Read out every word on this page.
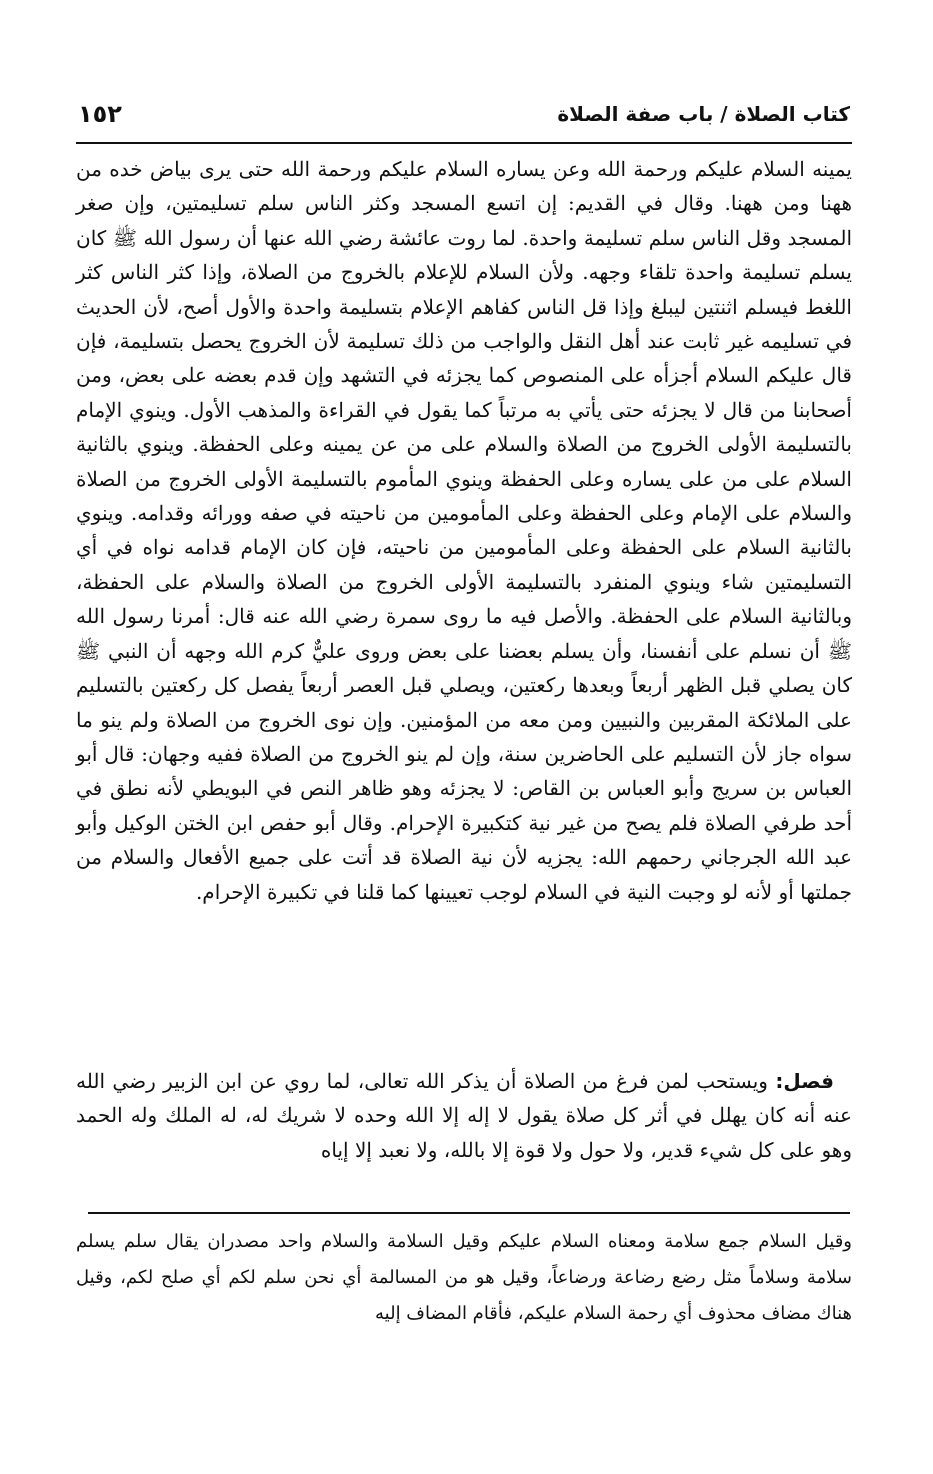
١٥٢	كتاب الصلاة / باب صفة الصلاة

يمينه السلام عليكم ورحمة الله وعن يساره السلام عليكم ورحمة الله حتى يرى بياض خده من ههنا ومن ههنا. وقال في القديم: إن اتسع المسجد وكثر الناس سلم تسليمتين، وإن صغر المسجد وقل الناس سلم تسليمة واحدة. لما روت عائشة رضي الله عنها أن رسول الله ﷺ كان يسلم تسليمة واحدة تلقاء وجهه. ولأن السلام للإعلام بالخروج من الصلاة، وإذا كثر الناس كثر اللغط فيسلم اثنتين ليبلغ وإذا قل الناس كفاهم الإعلام بتسليمة واحدة والأول أصح، لأن الحديث في تسليمه غير ثابت عند أهل النقل والواجب من ذلك تسليمة لأن الخروج يحصل بتسليمة، فإن قال عليكم السلام أجزأه على المنصوص كما يجزئه في التشهد وإن قدم بعضه على بعض، ومن أصحابنا من قال لا يجزئه حتى يأتي به مرتباً كما يقول في القراءة والمذهب الأول. وينوي الإمام بالتسليمة الأولى الخروج من الصلاة والسلام على من عن يمينه وعلى الحفظة. وينوي بالثانية السلام على من على يساره وعلى الحفظة وينوي المأموم بالتسليمة الأولى الخروج من الصلاة والسلام على الإمام وعلى الحفظة وعلى المأمومين من ناحيته في صفه وورائه وقدامه. وينوي بالثانية السلام على الحفظة وعلى المأمومين من ناحيته، فإن كان الإمام قدامه نواه في أي التسليمتين شاء وينوي المنفرد بالتسليمة الأولى الخروج من الصلاة والسلام على الحفظة، وبالثانية السلام على الحفظة. والأصل فيه ما روى سمرة رضي الله عنه قال: أمرنا رسول الله ﷺ أن نسلم على أنفسنا، وأن يسلم بعضنا على بعض وروى عليٌّ كرم الله وجهه أن النبي ﷺ كان يصلي قبل الظهر أربعاً وبعدها ركعتين، ويصلي قبل العصر أربعاً يفصل كل ركعتين بالتسليم على الملائكة المقربين والنبيين ومن معه من المؤمنين. وإن نوى الخروج من الصلاة ولم ينو ما سواه جاز لأن التسليم على الحاضرين سنة، وإن لم ينو الخروج من الصلاة ففيه وجهان: قال أبو العباس بن سريج وأبو العباس بن القاص: لا يجزئه وهو ظاهر النص في البويطي لأنه نطق في أحد طرفي الصلاة فلم يصح من غير نية كتكبيرة الإحرام. وقال أبو حفص ابن الختن الوكيل وأبو عبد الله الجرجاني رحمهم الله: يجزيه لأن نية الصلاة قد أتت على جميع الأفعال والسلام من جملتها أو لأنه لو وجبت النية في السلام لوجب تعيينها كما قلنا في تكبيرة الإحرام.

فصل: ويستحب لمن فرغ من الصلاة أن يذكر الله تعالى، لما روي عن ابن الزبير رضي الله عنه أنه كان يهلل في أثر كل صلاة يقول لا إله إلا الله وحده لا شريك له، له الملك وله الحمد وهو على كل شيء قدير، ولا حول ولا قوة إلا بالله، ولا نعبد إلا إياه

وقيل السلام جمع سلامة ومعناه السلام عليكم وقيل السلامة والسلام واحد مصدران يقال سلم يسلم سلامة وسلاماً مثل رضع رضاعة ورضاعاً، وقيل هو من المسالمة أي نحن سلم لكم أي صلح لكم، وقيل هناك مضاف محذوف أي رحمة السلام عليكم، فأقام المضاف إليه
